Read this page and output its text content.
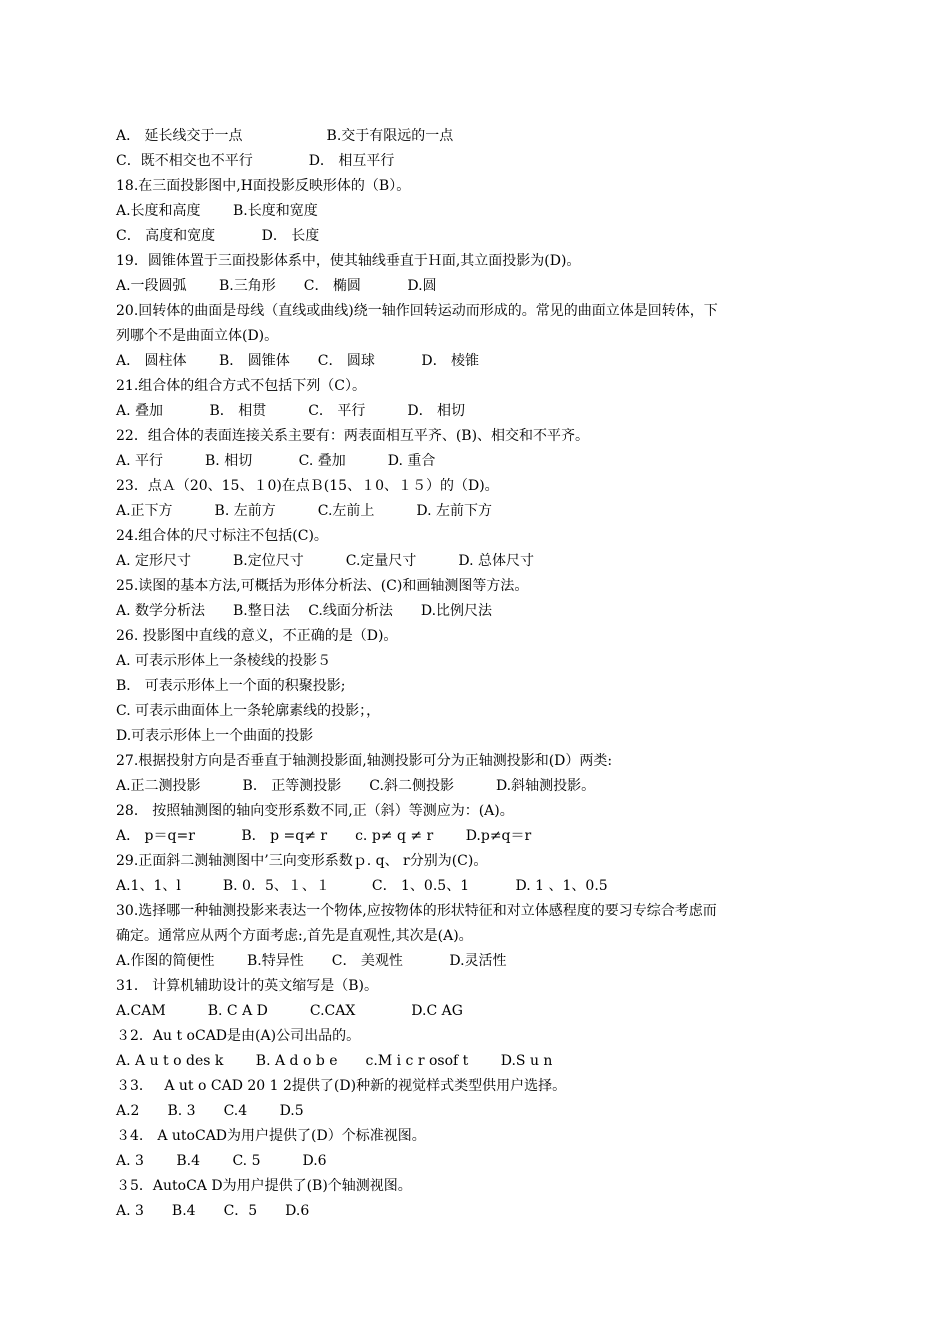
A． 延长线交于一点　　　　　　B.交于有限远的一点
C．既不相交也不平行　　　　D． 相互平行
18.在三面投影图中,H面投影反映形体的（B）。
A.长度和高度　　 B.长度和宽度
C． 高度和宽度　　　 D． 长度
19．圆锥体置于三面投影体系中，使其轴线垂直于Ｈ面,其立面投影为(D)。
A.一段圆弧　　 B.三角形　　C． 椭圆　　　 D.圆
20.回转体的曲面是母线（直线或曲线)绕一轴作回转运动而形成的。常见的曲面立体是回转体，下
列哪个不是曲面立体(D)。
A． 圆柱体　　 B． 圆锥体　　C． 圆球　　　 D． 棱锥
21.组合体的组合方式不包括下列（C）。
A. 叠加　　　 B． 相贯　　　C． 平行　　　D． 相切
22．组合体的表面连接关系主要有：两表面相互平齐、(B)、相交和不平齐。
A. 平行　　　B. 相切　　　 C. 叠加　　　D. 重合
23．点Ａ（20、15、１0)在点Ｂ(15、１0、１５）的（D)。
A.正下方　　　B. 左前方　　　C.左前上　　　D. 左前下方
24.组合体的尺寸标注不包括(C)。
A. 定形尺寸　　　B.定位尺寸　　　C.定量尺寸　　　D. 总体尺寸
25.读图的基本方法,可概括为形体分析法、(C)和画轴测图等方法。
A. 数学分析法　　B.整日法　 C.线面分析法　　D.比例尺法
26. 投影图中直线的意义，不正确的是（D)。
A. 可表示形体上一条棱线的投影５
B． 可表示形体上一个面的积聚投影;
C. 可表示曲面体上一条轮廓素线的投影；，
D.可表示形体上一个曲面的投影
27.根据投射方向是否垂直于轴测投影面,轴测投影可分为正轴测投影和(D）两类:
A.正二测投影　　　B． 正等测投影　　C.斜二侧投影　　　D.斜轴测投影。
28． 按照轴测图的轴向变形系数不同,正（斜）等测应为：(A)。
A． p＝q=r　　　 B． p =q≠ r　　c. p≠ q ≠ r　　 D.p≠q＝r
29.正面斜二测轴测图中’三向变形系数ｐ. q、 r分别为(C)。
A.1、1、l　　　B. 0．5、１、１　　　C． 1、0.5、1　　　 D. 1 、1、0.5
30.选择哪一种轴测投影来表达一个物体,应按物体的形状特征和对立体感程度的要习专综合考虑而
确定。通常应从两个方面考虑:,首先是直观性,其次是(A)。
A.作图的简便性　　 B.特异性　　C． 美观性　　　 D.灵活性
31． 计算机辅助设计的英文缩写是（B)。
A.CAM　　　B. C A D　　　C.CAX　　　　D.C AG
３2．Au t oCAD是由(A)公司出品的。
A. A u t o des k　　 B. A d o b e　　c.M i c r osof t　　 D.S u n
３3．　 A ut o CAD 20 1 2提供了(D)种新的视觉样式类型供用户选择。
A.2　　B. 3　　C.4　　 D.5
３4.　A utoCAD为用户提供了(D）个标准视图。
A. 3　　 B.4　　 C. 5　　　D.6
３5．AutoCA D为用户提供了(B)个轴测视图。
A. 3　　B.4　　C．5　　D.6
